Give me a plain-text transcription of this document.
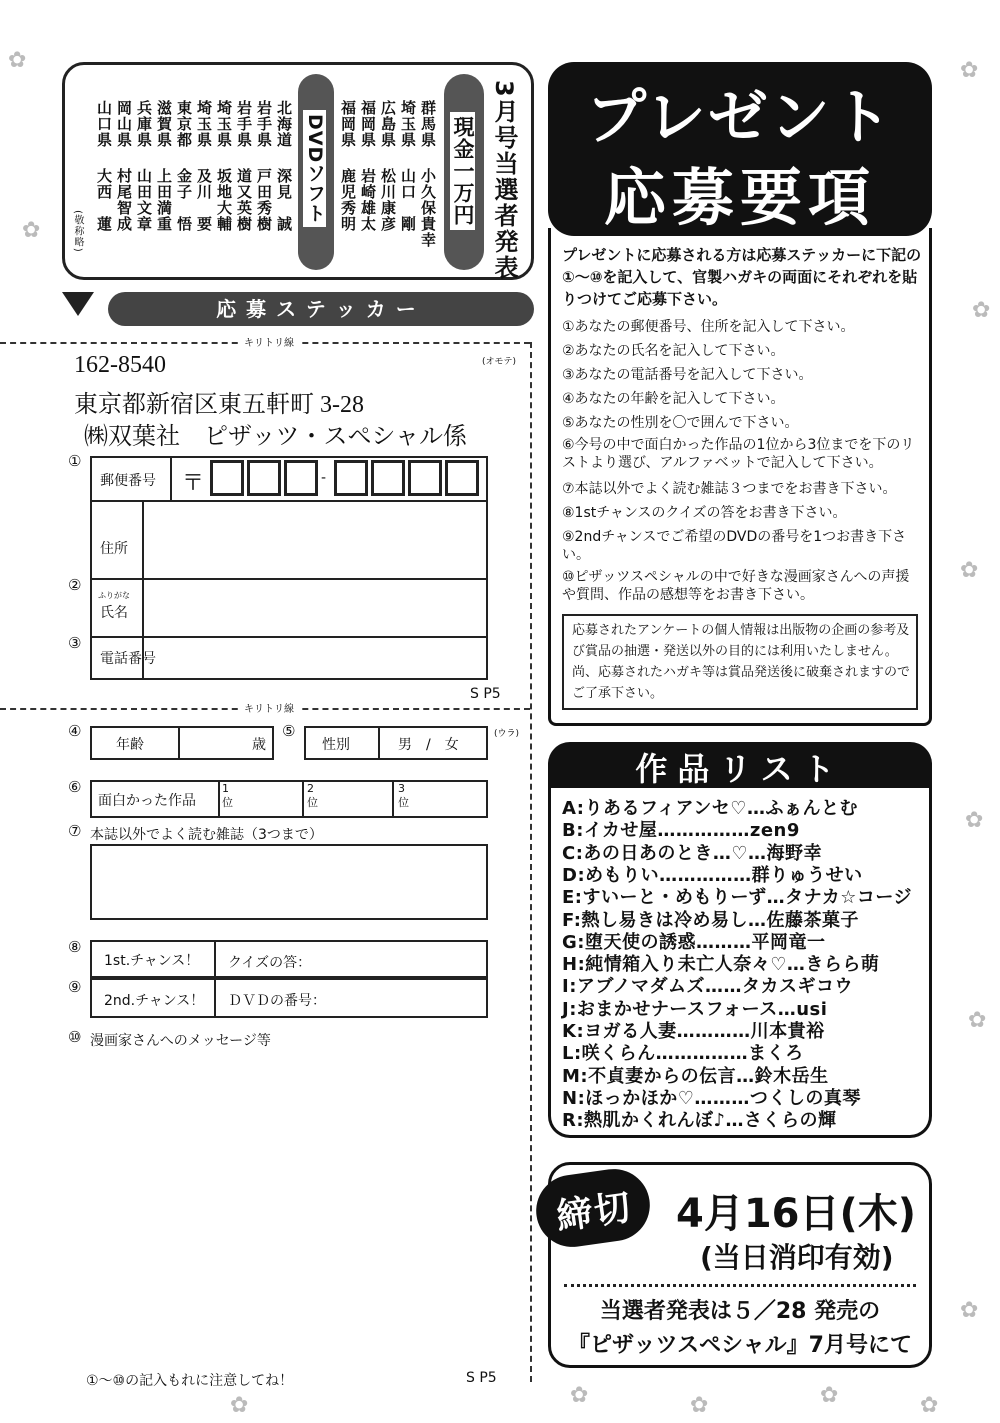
✿
✿
✿
✿
✿
✿
✿
✿
✿	✿	✿	✿
✿
3月号当選者発表
現金一万円
DVDソフト	群馬県
小久保貴幸
埼玉県
山口　剛
広島県
松川康彦
福岡県
岩崎雄太
福岡県
鹿児秀明
北海道
深見　誠
岩手県
戸田秀樹
岩手県
道又英樹
埼玉県
坂地大輔
埼玉県
及川　要
東京都
金子　悟
滋賀県
上田満重
兵庫県
山田文章
岡山県
村尾智成
山口県
大西　蓮
(敬称略)
応募ステッカー
キリトリ線
キリトリ線
(オモテ)
162-8540
東京都新宿区東五軒町 3-28
㈱双葉社　ピザッツ・スペシャル係
①
②
③
郵便番号 〒	-
住所
ふりがな
氏名
電話番号
S P5
(ウラ)
④
年齢	歳
⑤
性別	男　/　女
⑥
面白かった作品
1 位
2 位
3 位
⑦ 本誌以外でよく読む雑誌（3つまで）
⑧
1st.チャンス！ クイズの答：
⑨
2nd.チャンス！ ＤＶＤの番号：
⑩ 漫画家さんへのメッセージ等
①～⑩の記入もれに注意してね！	S P5
プレゼント
応募要項
プレゼントに応募される方は応募ステッカーに下記の①～⑩を記入して、官製ハガキの両面にそれぞれを貼りつけてご応募下さい。
①あなたの郵便番号、住所を記入して下さい。
②あなたの氏名を記入して下さい。
③あなたの電話番号を記入して下さい。
④あなたの年齢を記入して下さい。
⑤あなたの性別を〇で囲んで下さい。
⑥今号の中で面白かった作品の1位から3位までを下のリストより選び、アルファベットで記入して下さい。
⑦本誌以外でよく読む雑誌３つまでをお書き下さい。
⑧1stチャンスのクイズの答をお書き下さい。
⑨2ndチャンスでご希望のDVDの番号を1つお書き下さい。
⑩ピザッツスペシャルの中で好きな漫画家さんへの声援や質問、作品の感想等をお書き下さい。
応募されたアンケートの個人情報は出版物の企画の参考及び賞品の抽選・発送以外の目的には利用いたしません。尚、応募されたハガキ等は賞品発送後に破棄されますのでご了承下さい。
作品リスト
A:りあるフィアンセ♡…ふぁんとむ
B:イカせ屋……………zen9
C:あの日あのとき…♡…海野幸
D:めもりい……………群りゅうせい
E:すいーと・めもりーず…タナカ☆コージ
F:熱し易きは冷め易し…佐藤茶菓子
G:堕天使の誘惑………平岡竜一
H:純情箱入り未亡人奈々♡…きらら萌
I:アブノマダムズ……タカスギコウ
J:おまかせナースフォース…usi
K:ヨガる人妻…………川本貴裕
L:咲くらん……………まくろ
M:不貞妻からの伝言…鈴木岳生
N:ほっかほか♡………つくしの真琴
R:熱肌かくれんぼ♪…さくらの輝
締切	4月16日(木)
(当日消印有効)
当選者発表は５／28 発売の
『ピザッツスペシャル』7月号にて
